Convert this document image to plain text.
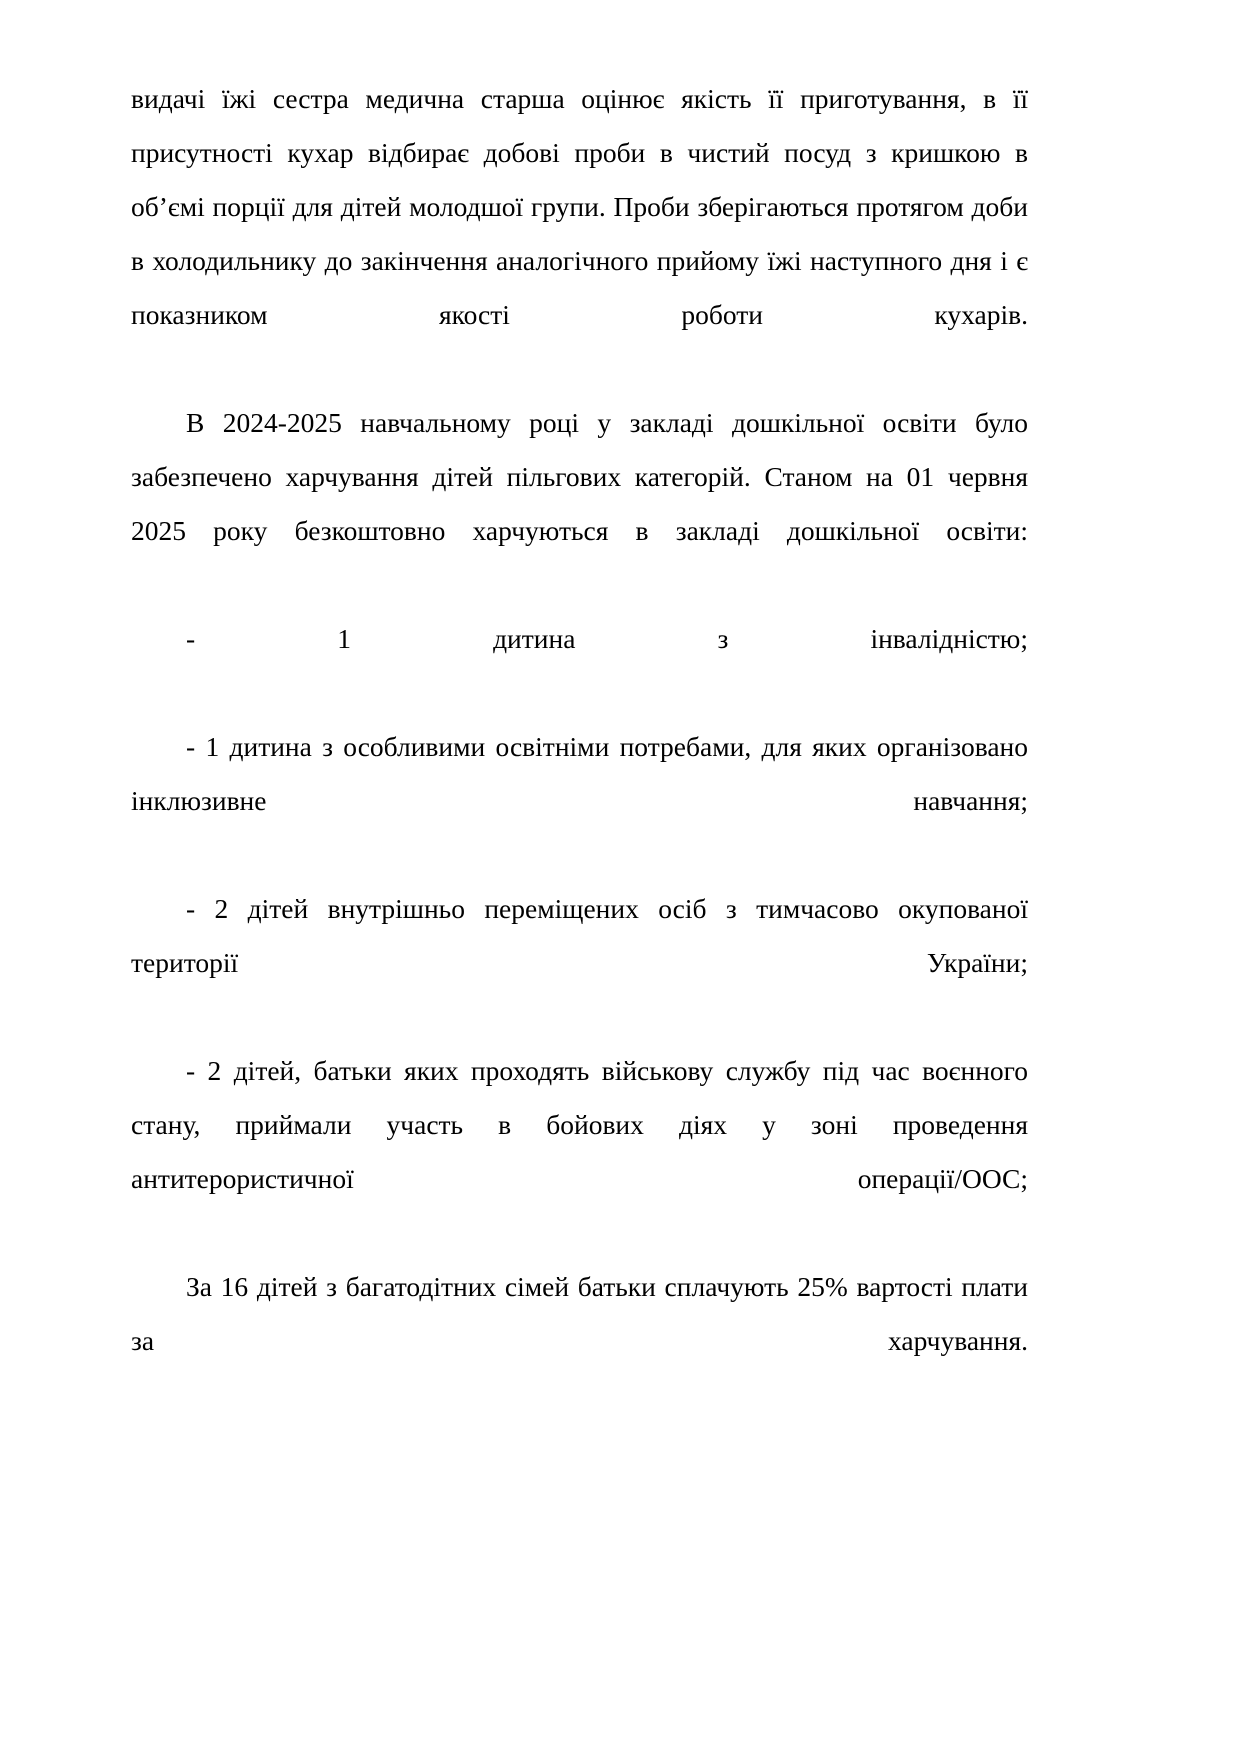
видачі їжі сестра медична старша оцінює якість її приготування, в її присутності кухар відбирає добові проби в чистий посуд з кришкою в об’ємі порції для дітей молодшої групи. Проби зберігаються протягом доби в холодильнику до закінчення аналогічного прийому їжі наступного дня і є показником якості роботи кухарів.

В 2024-2025 навчальному році у закладі дошкільної освіти було забезпечено харчування дітей пільгових категорій. Станом на 01 червня 2025 року безкоштовно харчуються в закладі дошкільної освіти:

- 1 дитина з інвалідністю;

- 1 дитина з особливими освітніми потребами, для яких організовано інклюзивне навчання;

- 2 дітей внутрішньо переміщених осіб з тимчасово окупованої території України;

- 2 дітей, батьки яких проходять військову службу під час воєнного стану, приймали участь в бойових діях у зоні проведення антитерористичної операції/ООС;

За 16 дітей з багатодітних сімей батьки сплачують 25% вартості плати за харчування.
